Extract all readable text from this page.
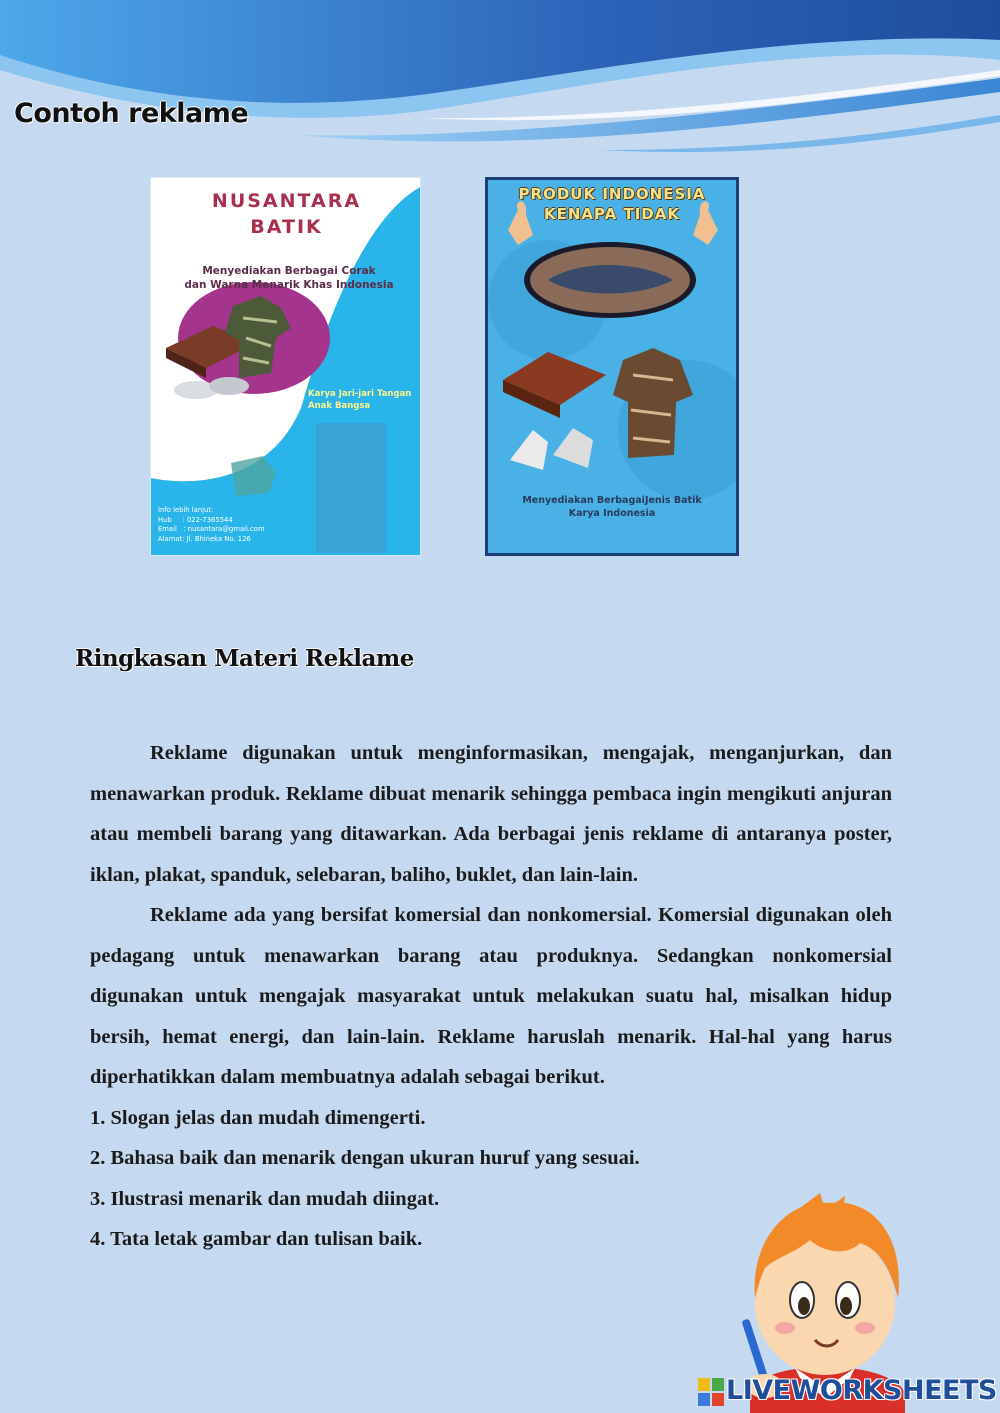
Contoh reklame
NUSANTARA
BATIK
Menyediakan Berbagai Corak
dan Warna Menarik Khas Indonesia
Karya Jari-jari Tangan
Anak Bangsa
Info lebih lanjut:
Hub     : 022-7365544
Email   : nusantara@gmail.com
Alamat: Jl. Bhineka No. 126
PRODUK INDONESIA
KENAPA TIDAK
Menyediakan BerbagaiJenis Batik
Karya Indonesia
Ringkasan Materi Reklame

Reklame digunakan untuk menginformasikan, mengajak, menganjurkan, dan menawarkan produk. Reklame dibuat menarik sehingga pembaca ingin mengikuti anjuran atau membeli barang yang ditawarkan. Ada berbagai jenis reklame di antaranya poster, iklan, plakat, spanduk, selebaran, baliho, buklet, dan lain-lain.

Reklame ada yang bersifat komersial dan nonkomersial. Komersial digunakan oleh pedagang untuk menawarkan barang atau produknya. Sedangkan nonkomersial digunakan untuk mengajak masyarakat untuk melakukan suatu hal, misalkan hidup bersih, hemat energi, dan lain-lain. Reklame haruslah menarik. Hal-hal yang harus diperhatikkan dalam membuatnya adalah sebagai berikut.

1. Slogan jelas dan mudah dimengerti.
2. Bahasa baik dan menarik dengan ukuran huruf yang sesuai.
3. Ilustrasi menarik dan mudah diingat.
4. Tata letak gambar dan tulisan baik.
LIVEWORKSHEETS
